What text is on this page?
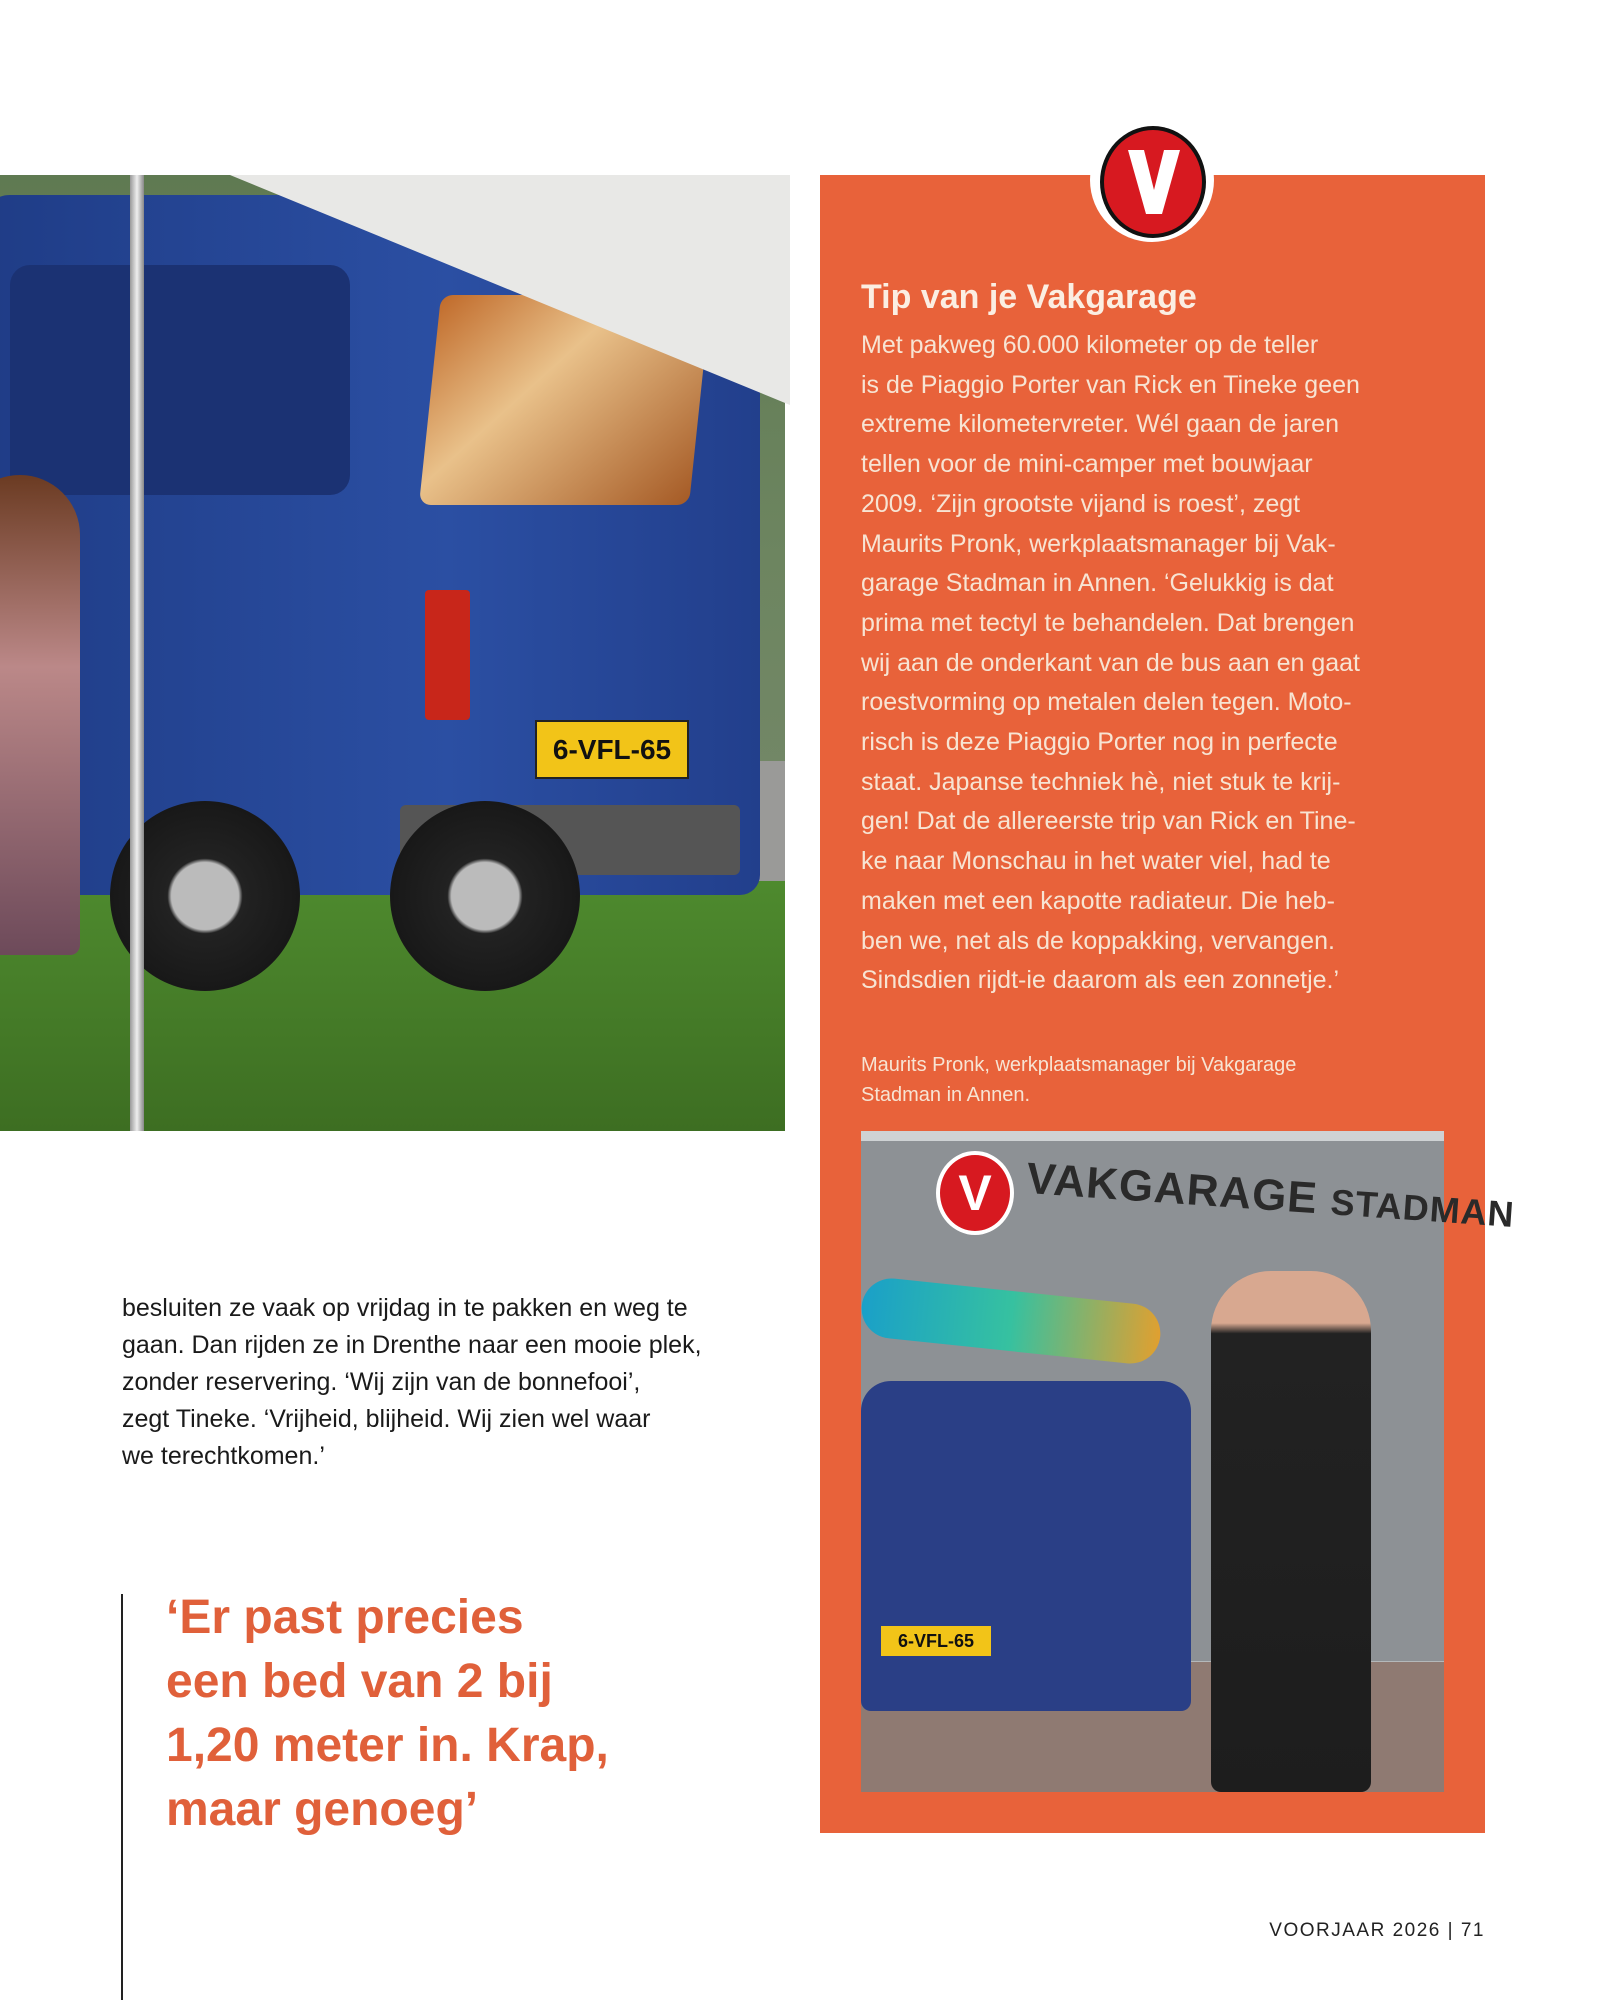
6-VFL-65
besluiten ze vaak op vrijdag in te pakken en weg te
gaan. Dan rijden ze in Drenthe naar een mooie plek,
zonder reservering. ‘Wij zijn van de bonnefooi’,
zegt Tineke. ‘Vrijheid, blijheid. Wij zien wel waar
we terechtkomen.’
‘Er past precies
een bed van 2 bij
1,20 meter in. Krap,
maar genoeg’
Tip van je Vakgarage
Met pakweg 60.000 kilometer op de teller
is de Piaggio Porter van Rick en Tineke geen
extreme kilometervreter. Wél gaan de jaren
tellen voor de mini-camper met bouwjaar
2009. ‘Zijn grootste vijand is roest’, zegt
Maurits Pronk, werkplaatsmanager bij Vak-
garage Stadman in Annen. ‘Gelukkig is dat
prima met tectyl te behandelen. Dat brengen
wij aan de onderkant van de bus aan en gaat
roestvorming op metalen delen tegen. Moto-
risch is deze Piaggio Porter nog in perfecte
staat. Japanse techniek hè, niet stuk te krij-
gen! Dat de allereerste trip van Rick en Tine-
ke naar Monschau in het water viel, had te
maken met een kapotte radiateur. Die heb-
ben we, net als de koppakking, vervangen.
Sindsdien rijdt-ie daarom als een zonnetje.’
Maurits Pronk, werkplaatsmanager bij Vakgarage
Stadman in Annen.
V VAKGARAGE STADMAN
6-VFL-65
VOORJAAR 2026 | 71
